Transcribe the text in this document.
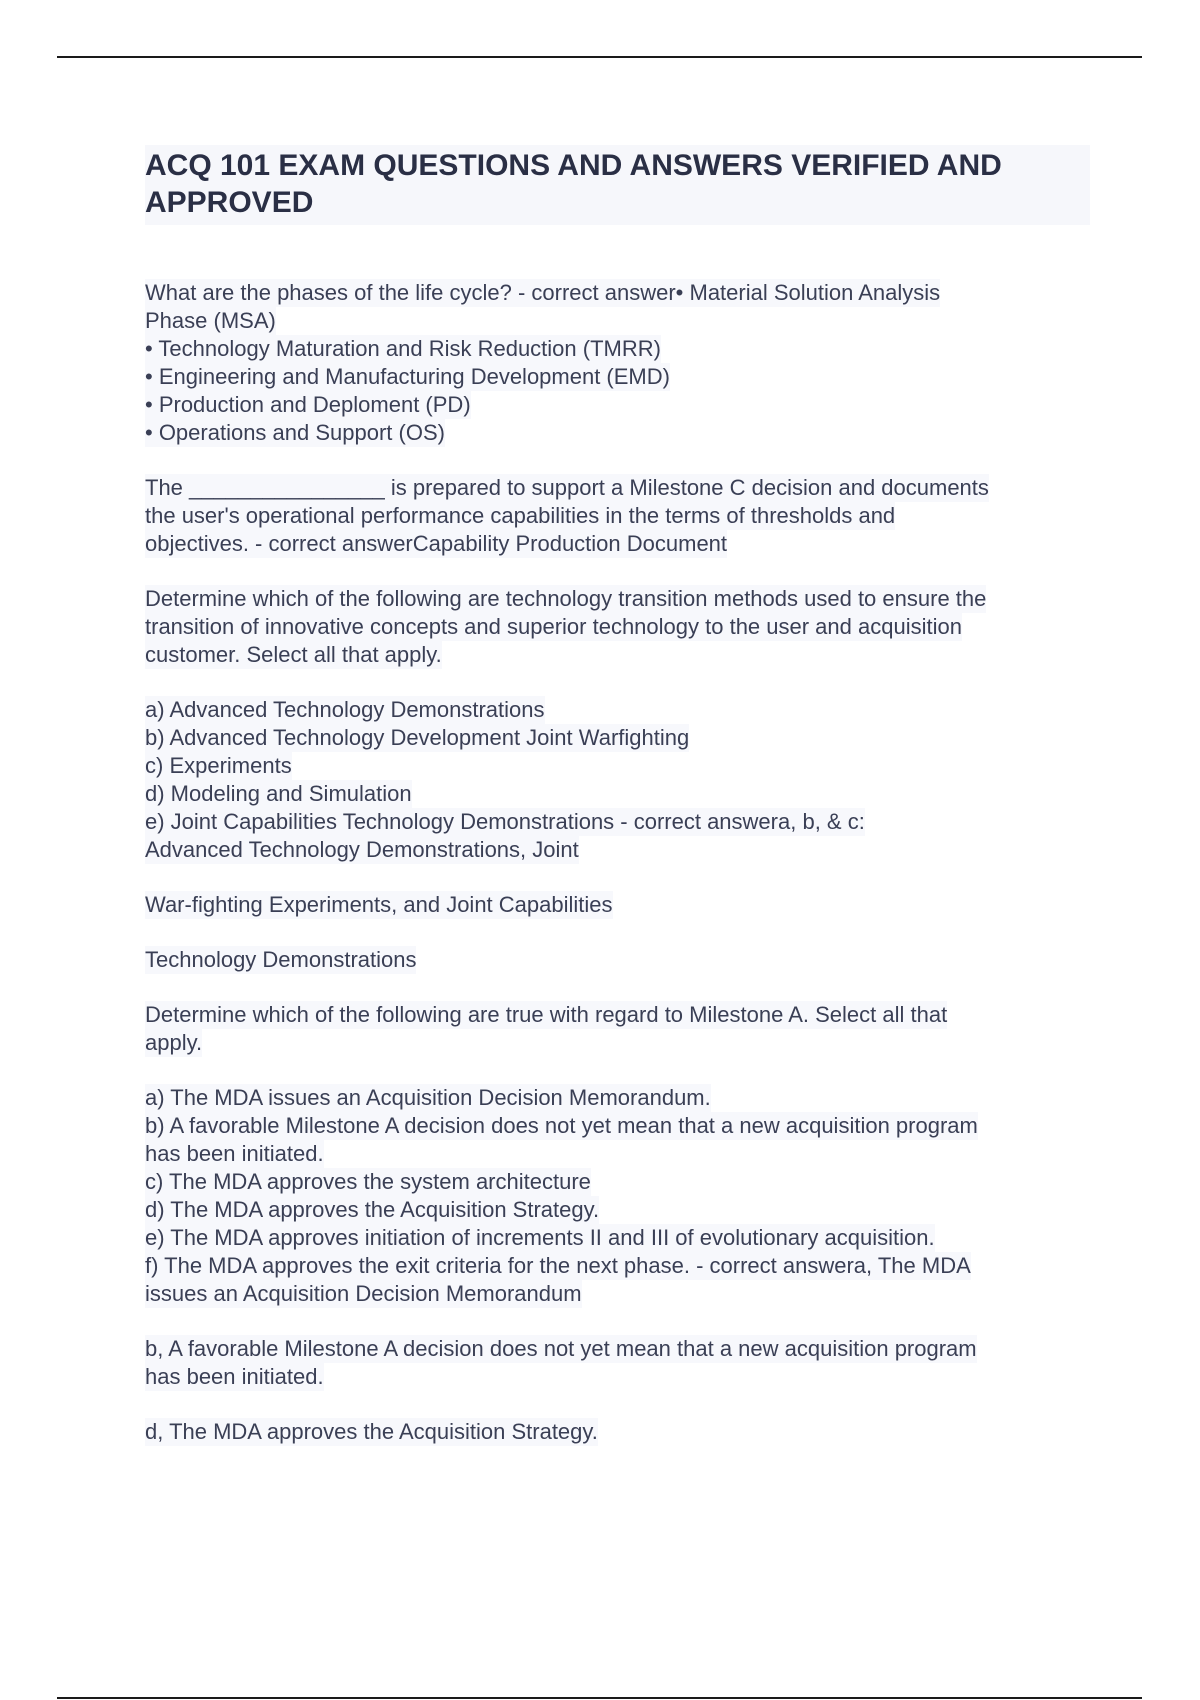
ACQ 101 EXAM QUESTIONS AND ANSWERS VERIFIED AND APPROVED
What are the phases of the life cycle? - correct answer• Material Solution Analysis
Phase (MSA)
• Technology Maturation and Risk Reduction (TMRR)
• Engineering and Manufacturing Development (EMD)
• Production and Deploment (PD)
• Operations and Support (OS)
The ________________ is prepared to support a Milestone C decision and documents
the user's operational performance capabilities in the terms of thresholds and
objectives. - correct answerCapability Production Document
Determine which of the following are technology transition methods used to ensure the
transition of innovative concepts and superior technology to the user and acquisition
customer. Select all that apply.
a) Advanced Technology Demonstrations
b) Advanced Technology Development Joint Warfighting
c) Experiments
d) Modeling and Simulation
e) Joint Capabilities Technology Demonstrations - correct answera, b, & c:
Advanced Technology Demonstrations, Joint
War-fighting Experiments, and Joint Capabilities
Technology Demonstrations
Determine which of the following are true with regard to Milestone A. Select all that
apply.
a) The MDA issues an Acquisition Decision Memorandum.
b) A favorable Milestone A decision does not yet mean that a new acquisition program
has been initiated.
c) The MDA approves the system architecture
d) The MDA approves the Acquisition Strategy.
e) The MDA approves initiation of increments II and III of evolutionary acquisition.
f) The MDA approves the exit criteria for the next phase. - correct answera, The MDA
issues an Acquisition Decision Memorandum
b, A favorable Milestone A decision does not yet mean that a new acquisition program
has been initiated.
d, The MDA approves the Acquisition Strategy.
